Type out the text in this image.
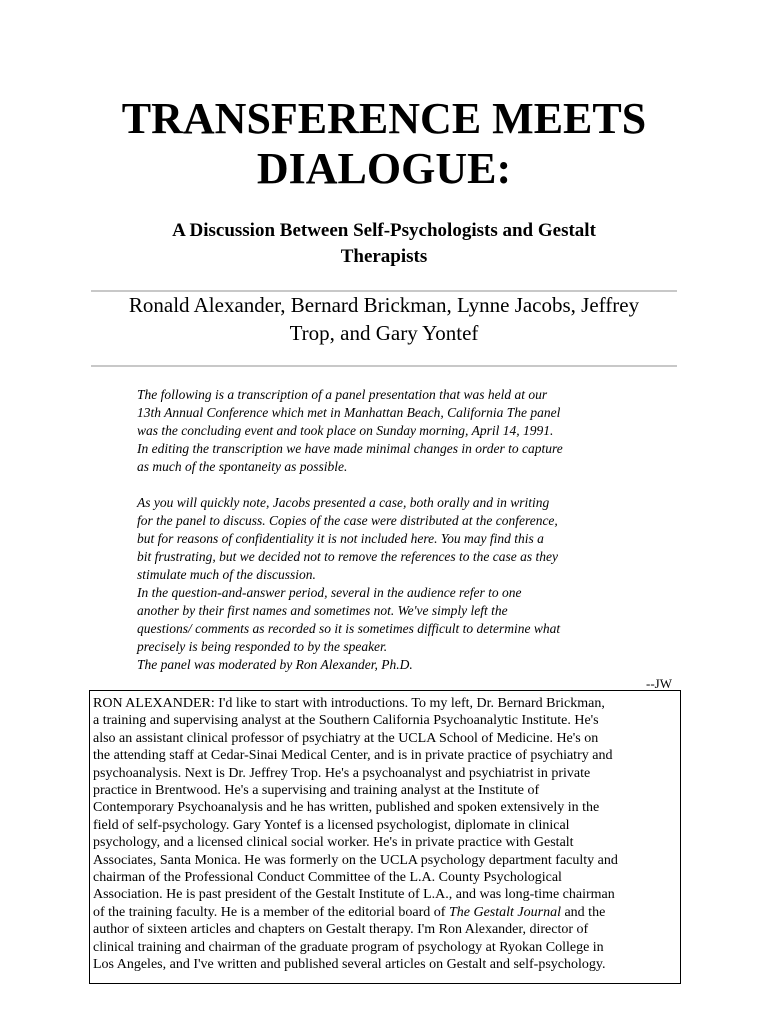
TRANSFERENCE MEETS
DIALOGUE:
A Discussion Between Self-Psychologists and Gestalt
Therapists

Ronald Alexander, Bernard Brickman, Lynne Jacobs, Jeffrey
Trop, and Gary Yontef

The following is a transcription of a panel presentation that was held at our
13th Annual Conference which met in Manhattan Beach, California The panel
was the concluding event and took place on Sunday morning, April 14, 1991.
In editing the transcription we have made minimal changes in order to capture
as much of the spontaneity as possible.

As you will quickly note, Jacobs presented a case, both orally and in writing
for the panel to discuss. Copies of the case were distributed at the conference,
but for reasons of confidentiality it is not included here. You may find this a
bit frustrating, but we decided not to remove the references to the case as they
stimulate much of the discussion.
In the question-and-answer period, several in the audience refer to one
another by their first names and sometimes not. We've simply left the
questions/ comments as recorded so it is sometimes difficult to determine what
precisely is being responded to by the speaker.
The panel was moderated by Ron Alexander, Ph.D.

--JW

RON ALEXANDER: I'd like to start with introductions. To my left, Dr. Bernard Brickman,
a training and supervising analyst at the Southern California Psychoanalytic Institute. He's
also an assistant clinical professor of psychiatry at the UCLA School of Medicine. He's on
the attending staff at Cedar-Sinai Medical Center, and is in private practice of psychiatry and
psychoanalysis. Next is Dr. Jeffrey Trop. He's a psychoanalyst and psychiatrist in private
practice in Brentwood. He's a supervising and training analyst at the Institute of
Contemporary Psychoanalysis and he has written, published and spoken extensively in the
field of self-psychology. Gary Yontef is a licensed psychologist, diplomate in clinical
psychology, and a licensed clinical social worker. He's in private practice with Gestalt
Associates, Santa Monica. He was formerly on the UCLA psychology department faculty and
chairman of the Professional Conduct Committee of the L.A. County Psychological
Association. He is past president of the Gestalt Institute of L.A., and was long-time chairman
of the training faculty. He is a member of the editorial board of The Gestalt Journal and the
author of sixteen articles and chapters on Gestalt therapy. I'm Ron Alexander, director of
clinical training and chairman of the graduate program of psychology at Ryokan College in
Los Angeles, and I've written and published several articles on Gestalt and self-psychology.
